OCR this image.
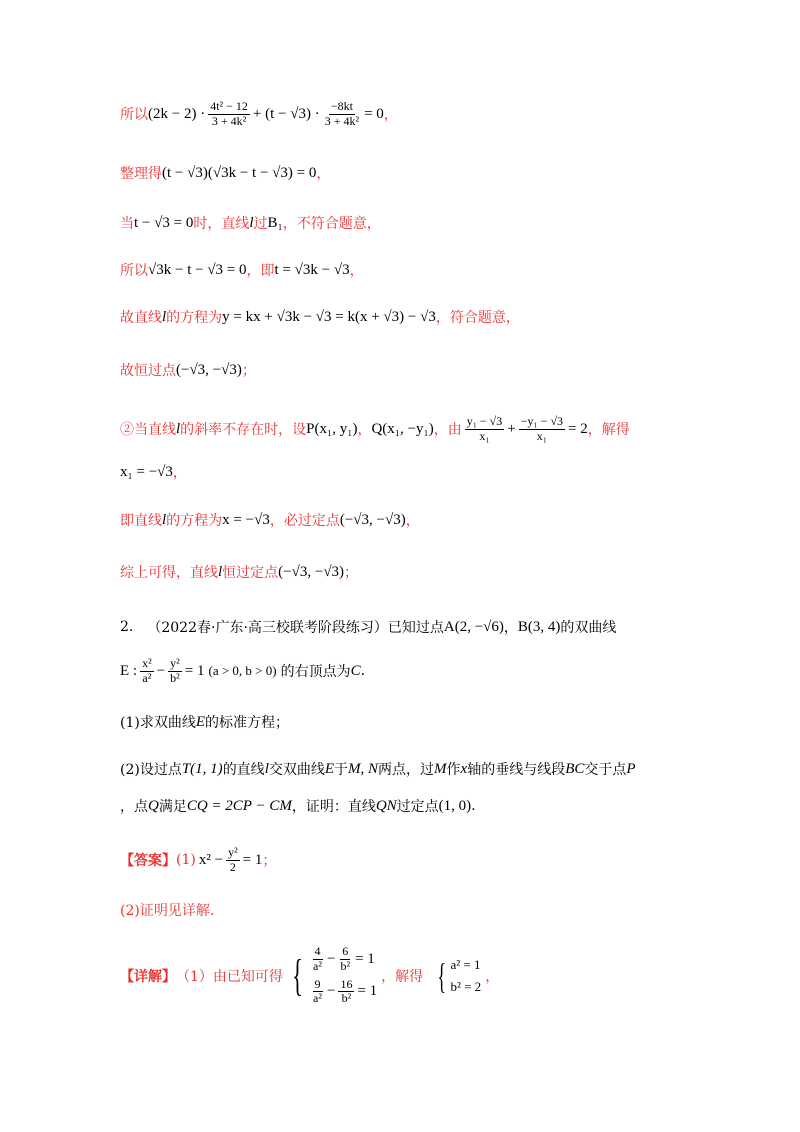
所以 $(2k - 2) \cdot \frac{\text{4t² − 12}}{\text{3 + 4k²}} + (t - √3) \cdot \frac{-8kt}{\text{3 + 4k²}} = 0$ ，
整理得 (t − √3)(√3k − t − √3) = 0 ，
当 t − √3 = 0 时，直线 l 过 B₁ ，不符合题意，
所以 √3k − t − √3 = 0 ，即 t = √3k − √3 ，
故直线 l 的方程为 y = kx + √3k − √3 = k(x + √3) − √3 ，符合题意，
故恒过点 (−√3, −√3) ；
②当直线 l 的斜率不存在时，设 P(x₁, y₁) ， Q(x₁, −y₁) ，由 $\frac{\text{y₁ − √3}}{\text{x₁}} + \frac{\text{−y₁ − √3}}{\text{x₁}} = 2$ ，解得
x₁ = −√3 ，
即直线 l 的方程为 x = −√3 ，必过定点 (−√3, −√3) ，
综上可得，直线 l 恒过定点 (−√3, −√3) ；
2. （2022春·广东·高三校联考阶段练习）已知过点 A(2, −√6) ， B(3, 4) 的双曲线
E : $\frac{\text{x²}}{\text{a²}} - \frac{\text{y²}}{\text{b²}} = 1$ (a > 0, b > 0) 的右顶点为 C .
(1)求双曲线 E 的标准方程；
(2)设过点 T(1, 1) 的直线 l 交双曲线 E 于 M, N 两点，过 M 作 x 轴的垂线与线段 BC 交于点 P
，点 Q 满足 CQ = 2CP − CM ，证明：直线 QN 过定点 (1, 0) .
【答案】 (1) $x^2 - \frac{\text{y²}}{2} = 1$ ；
(2)证明见详解.
【详解】 （1）由已知可得 { $\frac{4}{\text{a²}} - \frac{6}{\text{b²}} = 1$
$\frac{9}{\text{a²}} - \frac{16}{\text{b²}} = 1$
，解得 { a² = 1
b² = 2
，
